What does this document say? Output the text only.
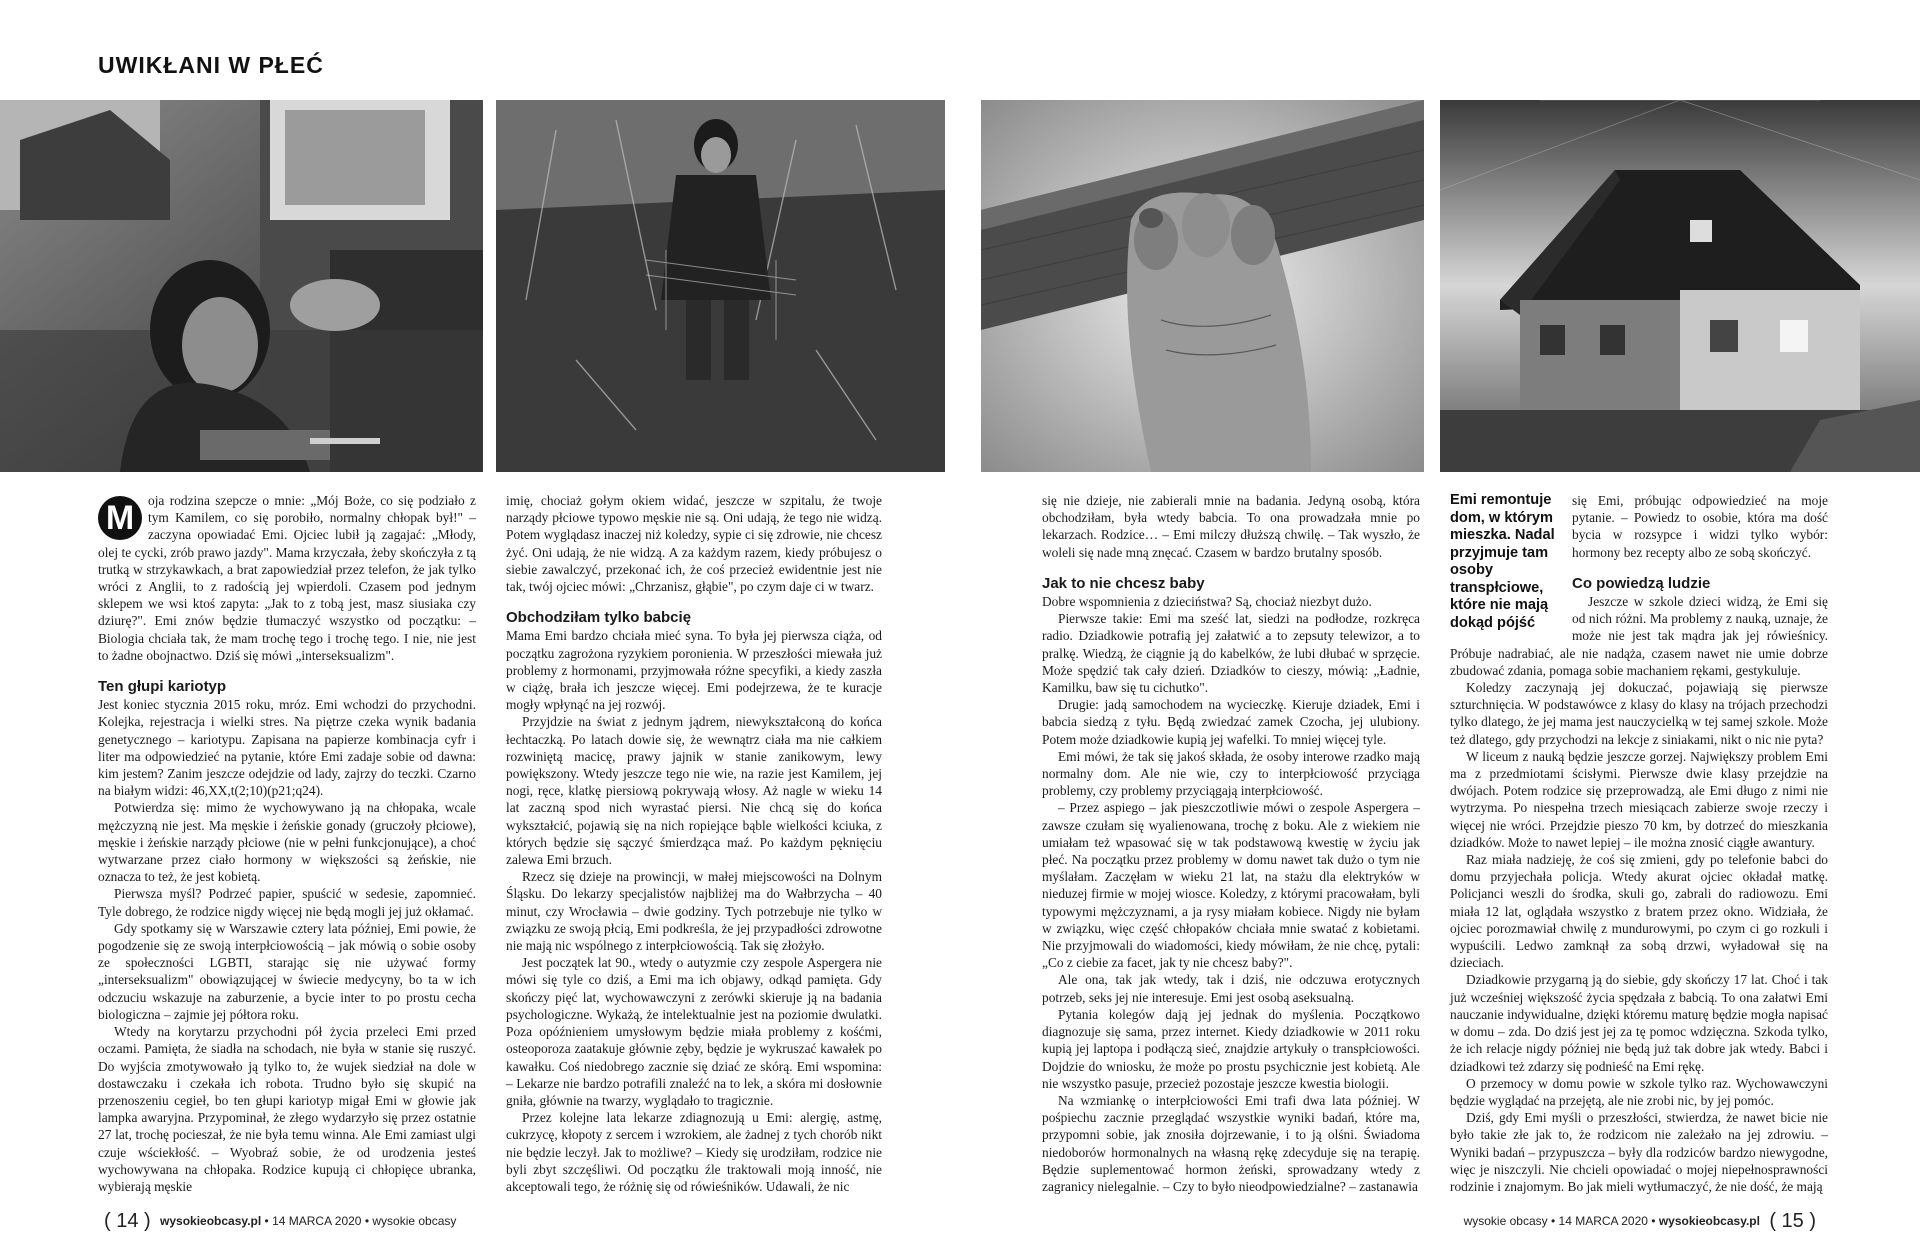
UWIKŁANI W PŁEĆ

M	oja rodzina szepcze o mnie: „Mój Boże, co się podziało z tym Kamilem, co się porobiło, normalny chłopak był!" – zaczyna opowiadać Emi. Ojciec lubił ją zagajać: „Młody, olej te cycki, zrób prawo jazdy". Mama krzyczała, żeby skończyła z tą trutką w strzykawkach, a brat zapowiedział przez telefon, że jak tylko wróci z Anglii, to z radością jej wpierdoli. Czasem pod jednym sklepem we wsi ktoś zapyta: „Jak to z tobą jest, masz siusiaka czy dziurę?". Emi znów będzie tłumaczyć wszystko od początku: – Biologia chciała tak, że mam trochę tego i trochę tego. I nie, nie jest to żadne obojnactwo. Dziś się mówi „interseksualizm".

Ten głupi kariotyp

Jest koniec stycznia 2015 roku, mróz. Emi wchodzi do przychodni. Kolejka, rejestracja i wielki stres. Na piętrze czeka wynik badania genetycznego – kariotypu. Zapisana na papierze kombinacja cyfr i liter ma odpowiedzieć na pytanie, które Emi zadaje sobie od dawna: kim jestem? Zanim jeszcze odejdzie od lady, zajrzy do teczki. Czarno na białym widzi: 46,XX,t(2;10)(p21;q24).

Potwierdza się: mimo że wychowywano ją na chłopaka, wcale mężczyzną nie jest. Ma męskie i żeńskie gonady (gruczoły płciowe), męskie i żeńskie narządy płciowe (nie w pełni funkcjonujące), a choć wytwarzane przez ciało hormony w większości są żeńskie, nie oznacza to też, że jest kobietą.

Pierwsza myśl? Podrzeć papier, spuścić w sedesie, zapomnieć. Tyle dobrego, że rodzice nigdy więcej nie będą mogli jej już okłamać.

Gdy spotkamy się w Warszawie cztery lata później, Emi powie, że pogodzenie się ze swoją interpłciowością – jak mówią o sobie osoby ze społeczności LGBTI, starając się nie używać formy „interseksualizm" obowiązującej w świecie medycyny, bo ta w ich odczuciu wskazuje na zaburzenie, a bycie inter to po prostu cecha biologiczna – zajmie jej półtora roku.

Wtedy na korytarzu przychodni pół życia przeleci Emi przed oczami. Pamięta, że siadła na schodach, nie była w stanie się ruszyć. Do wyjścia zmotywowało ją tylko to, że wujek siedział na dole w dostawczaku i czekała ich robota. Trudno było się skupić na przenoszeniu cegieł, bo ten głupi kariotyp migał Emi w głowie jak lampka awaryjna. Przypominał, że złego wydarzyło się przez ostatnie 27 lat, trochę pocieszał, że nie była temu winna. Ale Emi zamiast ulgi czuje wściekłość. – Wyobraź sobie, że od urodzenia jesteś wychowywana na chłopaka. Rodzice kupują ci chłopięce ubranka, wybierają męskie

imię, chociaż gołym okiem widać, jeszcze w szpitalu, że twoje narządy płciowe typowo męskie nie są. Oni udają, że tego nie widzą. Potem wyglądasz inaczej niż koledzy, sypie ci się zdrowie, nie chcesz żyć. Oni udają, że nie widzą. A za każdym razem, kiedy próbujesz o siebie zawalczyć, przekonać ich, że coś przecież ewidentnie jest nie tak, twój ojciec mówi: „Chrzanisz, głąbie", po czym daje ci w twarz.

Obchodziłam tylko babcię

Mama Emi bardzo chciała mieć syna. To była jej pierwsza ciąża, od początku zagrożona ryzykiem poronienia. W przeszłości miewała już problemy z hormonami, przyjmowała różne specyfiki, a kiedy zaszła w ciążę, brała ich jeszcze więcej. Emi podejrzewa, że te kuracje mogły wpłynąć na jej rozwój.

Przyjdzie na świat z jednym jądrem, niewykształconą do końca łechtaczką. Po latach dowie się, że wewnątrz ciała ma nie całkiem rozwiniętą macicę, prawy jajnik w stanie zanikowym, lewy powiększony. Wtedy jeszcze tego nie wie, na razie jest Kamilem, jej nogi, ręce, klatkę piersiową pokrywają włosy. Aż nagle w wieku 14 lat zaczną spod nich wyrastać piersi. Nie chcą się do końca wykształcić, pojawią się na nich ropiejące bąble wielkości kciuka, z których będzie się sączyć śmierdząca maź. Po każdym pęknięciu zalewa Emi brzuch.

Rzecz się dzieje na prowincji, w małej miejscowości na Dolnym Śląsku. Do lekarzy specjalistów najbliżej ma do Wałbrzycha – 40 minut, czy Wrocławia – dwie godziny. Tych potrzebuje nie tylko w związku ze swoją płcią, Emi podkreśla, że jej przypadłości zdrowotne nie mają nic wspólnego z interpłciowością. Tak się złożyło.

Jest początek lat 90., wtedy o autyzmie czy zespole Aspergera nie mówi się tyle co dziś, a Emi ma ich objawy, odkąd pamięta. Gdy skończy pięć lat, wychowawczyni z zerówki skieruje ją na badania psychologiczne. Wykażą, że intelektualnie jest na poziomie dwulatki. Poza opóźnieniem umysłowym będzie miała problemy z kośćmi, osteoporoza zaatakuje głównie zęby, będzie je wykruszać kawałek po kawałku. Coś niedobrego zacznie się dziać ze skórą. Emi wspomina: – Lekarze nie bardzo potrafili znaleźć na to lek, a skóra mi dosłownie gniła, głównie na twarzy, wyglądało to tragicznie.

Przez kolejne lata lekarze zdiagnozują u Emi: alergię, astmę, cukrzycę, kłopoty z sercem i wzrokiem, ale żadnej z tych chorób nikt nie będzie leczył. Jak to możliwe? – Kiedy się urodziłam, rodzice nie byli zbyt szczęśliwi. Od początku źle traktowali moją inność, nie akceptowali tego, że różnię się od rówieśników. Udawali, że nic

się nie dzieje, nie zabierali mnie na badania. Jedyną osobą, która obchodziłam, była wtedy babcia. To ona prowadzała mnie po lekarzach. Rodzice… – Emi milczy dłuższą chwilę. – Tak wyszło, że woleli się nade mną znęcać. Czasem w bardzo brutalny sposób.

Jak to nie chcesz baby

Dobre wspomnienia z dzieciństwa? Są, chociaż niezbyt dużo.

Pierwsze takie: Emi ma sześć lat, siedzi na podłodze, rozkręca radio. Dziadkowie potrafią jej załatwić a to zepsuty telewizor, a to pralkę. Wiedzą, że ciągnie ją do kabelków, że lubi dłubać w sprzęcie. Może spędzić tak cały dzień. Dziadków to cieszy, mówią: „Ładnie, Kamilku, baw się tu cichutko".

Drugie: jadą samochodem na wycieczkę. Kieruje dziadek, Emi i babcia siedzą z tyłu. Będą zwiedzać zamek Czocha, jej ulubiony. Potem może dziadkowie kupią jej wafelki. To mniej więcej tyle.

Emi mówi, że tak się jakoś składa, że osoby interowe rzadko mają normalny dom. Ale nie wie, czy to interpłciowość przyciąga problemy, czy problemy przyciągają interpłciowość.

– Przez aspiego – jak pieszczotliwie mówi o zespole Aspergera – zawsze czułam się wyalienowana, trochę z boku. Ale z wiekiem nie umiałam też wpasować się w tak podstawową kwestię w życiu jak płeć. Na początku przez problemy w domu nawet tak dużo o tym nie myślałam. Zaczęłam w wieku 21 lat, na stażu dla elektryków w nieduzej firmie w mojej wiosce. Koledzy, z którymi pracowałam, byli typowymi mężczyznami, a ja rysy miałam kobiece. Nigdy nie byłam w związku, więc część chłopaków chciała mnie swatać z kobietami. Nie przyjmowali do wiadomości, kiedy mówiłam, że nie chcę, pytali: „Co z ciebie za facet, jak ty nie chcesz baby?".

Ale ona, tak jak wtedy, tak i dziś, nie odczuwa erotycznych potrzeb, seks jej nie interesuje. Emi jest osobą aseksualną.

Pytania kolegów dają jej jednak do myślenia. Początkowo diagnozuje się sama, przez internet. Kiedy dziadkowie w 2011 roku kupią jej laptopa i podłączą sieć, znajdzie artykuły o transpłciowości. Dojdzie do wniosku, że może po prostu psychicznie jest kobietą. Ale nie wszystko pasuje, przecież pozostaje jeszcze kwestia biologii.

Na wzmiankę o interpłciowości Emi trafi dwa lata później. W pośpiechu zacznie przeglądać wszystkie wyniki badań, które ma, przypomni sobie, jak znosiła dojrzewanie, i to ją olśni. Świadoma niedoborów hormonalnych na własną rękę zdecyduje się na terapię. Będzie suplementować hormon żeński, sprowadzany wtedy z zagranicy nielegalnie. – Czy to było nieodpowiedzialne? – zastanawia

Emi remontuje dom, w którym mieszka. Nadal przyjmuje tam osoby transpłciowe, które nie mają dokąd pójść

się Emi, próbując odpowiedzieć na moje pytanie. – Powiedz to osobie, która ma dość bycia w rozsypce i widzi tylko wybór: hormony bez recepty albo ze sobą skończyć.

Co powiedzą ludzie

Jeszcze w szkole dzieci widzą, że Emi się od nich różni. Ma problemy z nauką, uznaje, że może nie jest tak mądra jak jej rówieśnicy. Próbuje nadrabiać, ale nie nadąża, czasem nawet nie umie dobrze zbudować zdania, pomaga sobie machaniem rękami, gestykuluje.

Koledzy zaczynają jej dokuczać, pojawiają się pierwsze szturchnięcia. W podstawówce z klasy do klasy na trójach przechodzi tylko dlatego, że jej mama jest nauczycielką w tej samej szkole. Może też dlatego, gdy przychodzi na lekcje z siniakami, nikt o nic nie pyta?

W liceum z nauką będzie jeszcze gorzej. Największy problem Emi ma z przedmiotami ścisłymi. Pierwsze dwie klasy przejdzie na dwójach. Potem rodzice się przeprowadzą, ale Emi długo z nimi nie wytrzyma. Po niespełna trzech miesiącach zabierze swoje rzeczy i więcej nie wróci. Przejdzie pieszo 70 km, by dotrzeć do mieszkania dziadków. Może to nawet lepiej – ile można znosić ciągłe awantury.

Raz miała nadzieję, że coś się zmieni, gdy po telefonie babci do domu przyjechała policja. Wtedy akurat ojciec okładał matkę. Policjanci weszli do środka, skuli go, zabrali do radiowozu. Emi miała 12 lat, oglądała wszystko z bratem przez okno. Widziała, że ojciec porozmawiał chwilę z mundurowymi, po czym ci go rozkuli i wypuścili. Ledwo zamknął za sobą drzwi, wyładował się na dzieciach.

Dziadkowie przygarną ją do siebie, gdy skończy 17 lat. Choć i tak już wcześniej większość życia spędzała z babcią. To ona załatwi Emi nauczanie indywidualne, dzięki któremu maturę będzie mogła napisać w domu – zda. Do dziś jest jej za tę pomoc wdzięczna. Szkoda tylko, że ich relacje nigdy później nie będą już tak dobre jak wtedy. Babci i dziadkowi też zdarzy się podnieść na Emi rękę.

O przemocy w domu powie w szkole tylko raz. Wychowawczyni będzie wyglądać na przejętą, ale nie zrobi nic, by jej pomóc.

Dziś, gdy Emi myśli o przeszłości, stwierdza, że nawet bicie nie było takie złe jak to, że rodzicom nie zależało na jej zdrowiu. – Wyniki badań – przypuszcza – były dla rodziców bardzo niewygodne, więc je niszczyli. Nie chcieli opowiadać o mojej niepełnosprawności rodzinie i znajomym. Bo jak mieli wytłumaczyć, że nie dość, że mają

( 14 ) wysokieobcasy.pl • 14 MARCA 2020 • wysokie obcasy	wysokie obcasy • 14 MARCA 2020 • wysokieobcasy.pl ( 15 )
